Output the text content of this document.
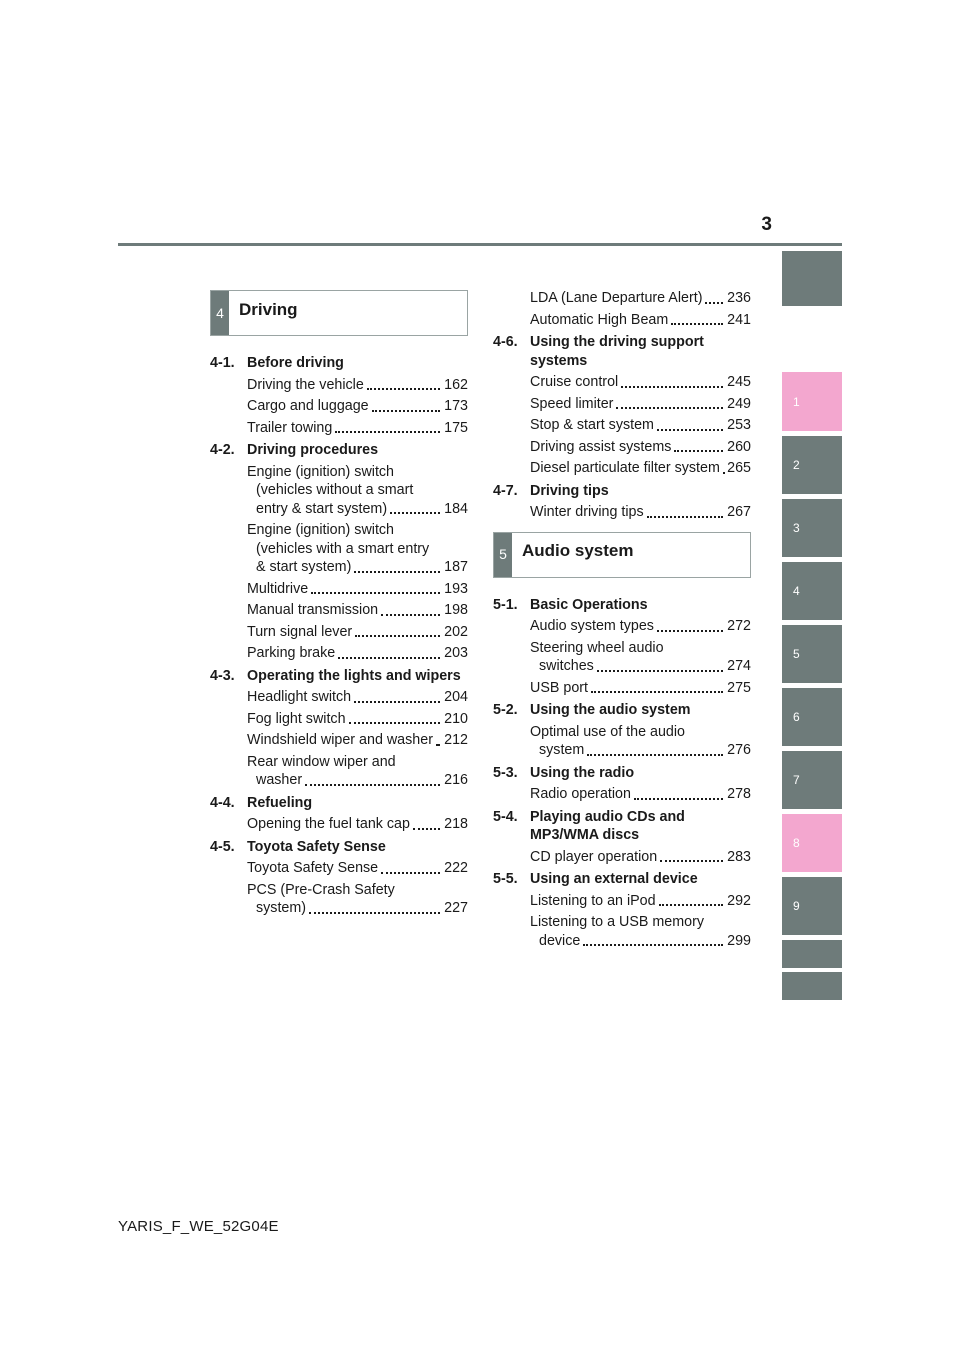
3
1
2
3
4
5
6
7
8
9
4 Driving
4-1. Before driving
Driving the vehicle	162
Cargo and luggage	173
Trailer towing	175
4-2. Driving procedures
Engine (ignition) switch (vehicles without a smart entry & start system)	184
Engine (ignition) switch (vehicles with a smart entry & start system)	187
Multidrive	193
Manual transmission	198
Turn signal lever	202
Parking brake	203
4-3. Operating the lights and wipers
Headlight switch	204
Fog light switch	210
Windshield wiper and washer 212
Rear window wiper and washer	216
4-4. Refueling
Opening the fuel tank cap	218
4-5. Toyota Safety Sense
Toyota Safety Sense	222
PCS (Pre-Crash Safety system)	227
LDA (Lane Departure Alert)	236
Automatic High Beam	241
4-6. Using the driving support systems
Cruise control	245
Speed limiter	249
Stop & start system	253
Driving assist systems	260
Diesel particulate filter system 265
4-7. Driving tips
Winter driving tips	267
5 Audio system
5-1. Basic Operations
Audio system types	272
Steering wheel audio switches	274
USB port	275
5-2. Using the audio system
Optimal use of the audio system	276
5-3. Using the radio
Radio operation	278
5-4. Playing audio CDs and MP3/WMA discs
CD player operation	283
5-5. Using an external device
Listening to an iPod	292
Listening to a USB memory device	299
YARIS_F_WE_52G04E
